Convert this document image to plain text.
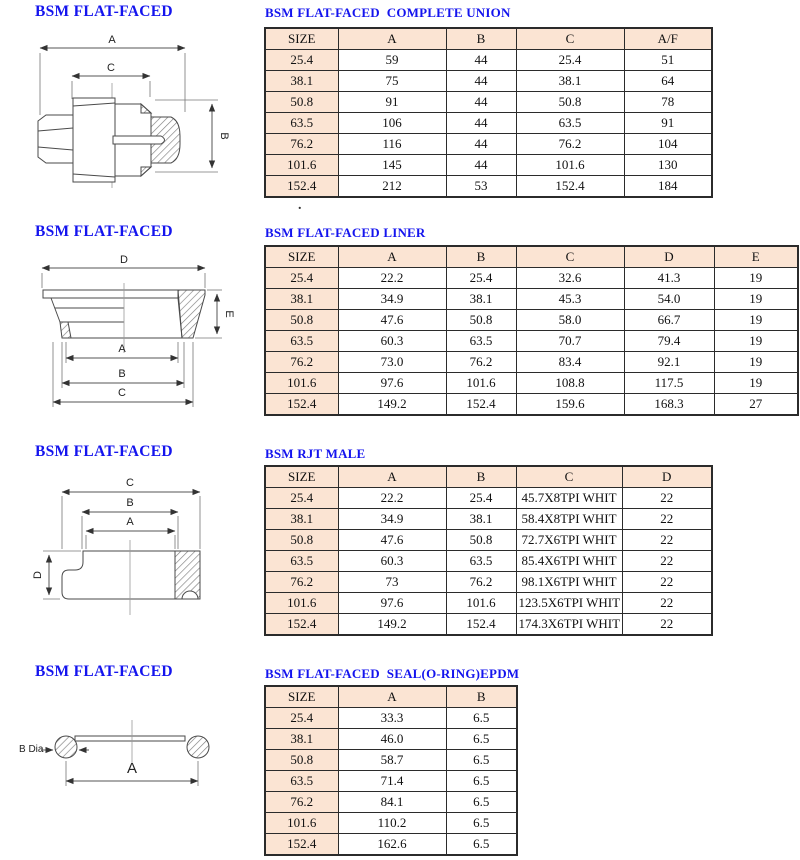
BSM FLAT-FACED	BSM FLAT-FACED  COMPLETE UNION
A
C
B
SIZE	A	B	C	A/F
25.4	59	44	25.4	51
38.1	75	44	38.1	64
50.8	91	44	50.8	78
63.5	106	44	63.5	91
76.2	116	44	76.2	104
101.6	145	44	101.6	130
152.4	212	53	152.4	184
.
BSM FLAT-FACED	BSM FLAT-FACED LINER
D
E
A
B
C
SIZE	A	B	C	D	E
25.4	22.2	25.4	32.6	41.3	19
38.1	34.9	38.1	45.3	54.0	19
50.8	47.6	50.8	58.0	66.7	19
63.5	60.3	63.5	70.7	79.4	19
76.2	73.0	76.2	83.4	92.1	19
101.6	97.6	101.6	108.8	117.5	19
152.4	149.2	152.4	159.6	168.3	27
BSM FLAT-FACED	BSM RJT MALE
C
B
A
D
SIZE	A	B	C	D
25.4	22.2	25.4	45.7X8TPI WHIT	22
38.1	34.9	38.1	58.4X8TPI WHIT	22
50.8	47.6	50.8	72.7X6TPI WHIT	22
63.5	60.3	63.5	85.4X6TPI WHIT	22
76.2	73	76.2	98.1X6TPI WHIT	22
101.6	97.6	101.6	123.5X6TPI WHIT	22
152.4	149.2	152.4	174.3X6TPI WHIT	22
BSM FLAT-FACED	BSM FLAT-FACED  SEAL(O-RING)EPDM
B Dia
A
SIZE	A	B
25.4	33.3	6.5
38.1	46.0	6.5
50.8	58.7	6.5
63.5	71.4	6.5
76.2	84.1	6.5
101.6	110.2	6.5
152.4	162.6	6.5
